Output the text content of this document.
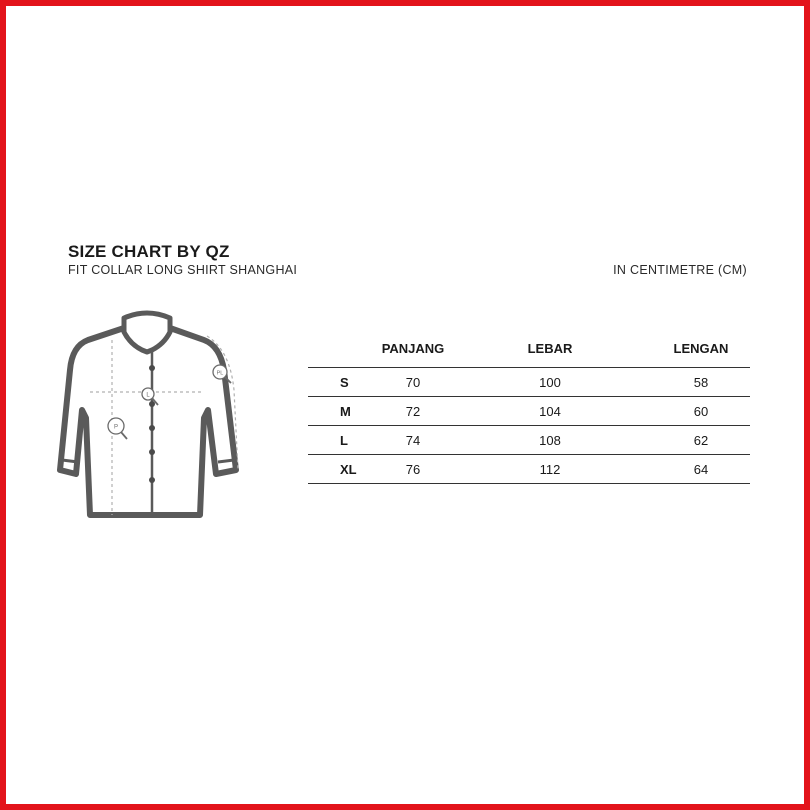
SIZE CHART BY QZ
FIT COLLAR LONG SHIRT SHANGHAI	IN CENTIMETRE (CM)
L
P
PL
	PANJANG	LEBAR	LENGAN
S	70	100	58
M	72	104	60
L	74	108	62
XL	76	112	64
